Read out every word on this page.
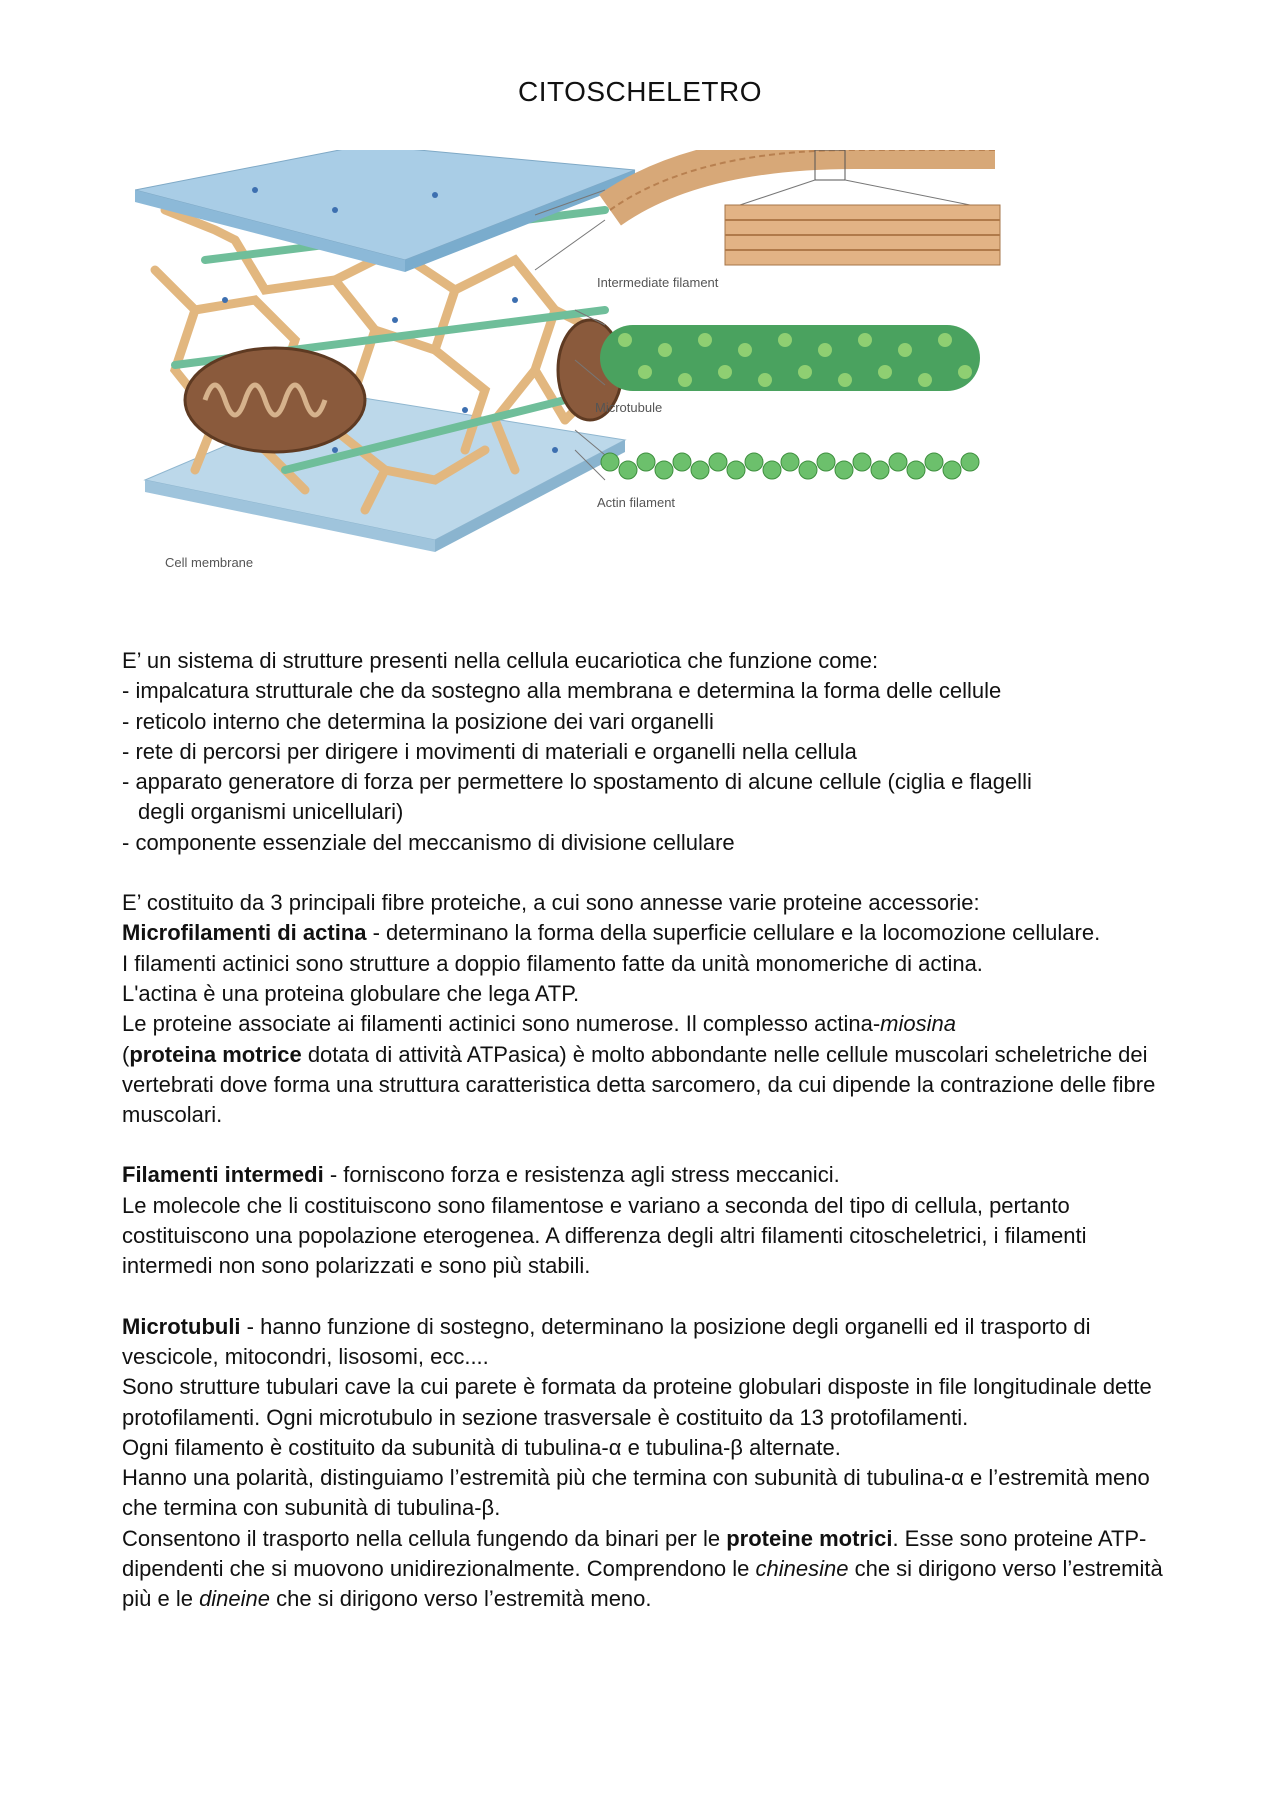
CITOSCHELETRO
Intermediate filament
Microtubule
Actin filament
Cell membrane

E’ un sistema di strutture presenti nella cellula eucariotica che funzione come:

- impalcatura strutturale che da sostegno alla membrana e determina la forma delle cellule

- reticolo interno che determina la posizione dei vari organelli

- rete di percorsi per dirigere i movimenti di materiali e organelli nella cellula

- apparato generatore di forza per permettere lo spostamento di alcune cellule (ciglia e flagelli

degli organismi unicellulari)

- componente essenziale del meccanismo di divisione cellulare

E’ costituito da 3 principali fibre proteiche, a cui sono annesse varie proteine accessorie:

Microfilamenti di actina - determinano la forma della superficie cellulare e la locomozione cellulare.

I filamenti actinici sono strutture a doppio filamento fatte da unità monomeriche di actina.

L'actina è una proteina globulare che lega ATP.

Le proteine associate ai filamenti actinici sono numerose. Il complesso actina-miosina
(proteina motrice dotata di attività ATPasica) è molto abbondante nelle cellule muscolari scheletriche dei vertebrati dove forma una struttura caratteristica detta sarcomero, da cui dipende la contrazione delle fibre muscolari.

Filamenti intermedi - forniscono forza e resistenza agli stress meccanici.

Le molecole che li costituiscono sono filamentose e variano a seconda del tipo di cellula, pertanto costituiscono una popolazione eterogenea. A differenza degli altri filamenti citoscheletrici, i filamenti intermedi non sono polarizzati e sono più stabili.

Microtubuli - hanno funzione di sostegno, determinano la posizione degli organelli ed il trasporto di vescicole, mitocondri, lisosomi, ecc....

Sono strutture tubulari cave la cui parete è formata da proteine globulari disposte in file longitudinale dette protofilamenti. Ogni microtubulo in sezione trasversale è costituito da 13 protofilamenti.

Ogni filamento è costituito da subunità di tubulina-α e tubulina-β alternate.

Hanno una polarità, distinguiamo l’estremità più che termina con subunità di tubulina-α e l’estremità meno che termina con subunità di tubulina-β.

Consentono il trasporto nella cellula fungendo da binari per le proteine motrici. Esse sono proteine ATP-dipendenti che si muovono unidirezionalmente. Comprendono le chinesine che si dirigono verso l’estremità più e le dineine che si dirigono verso l’estremità meno.
